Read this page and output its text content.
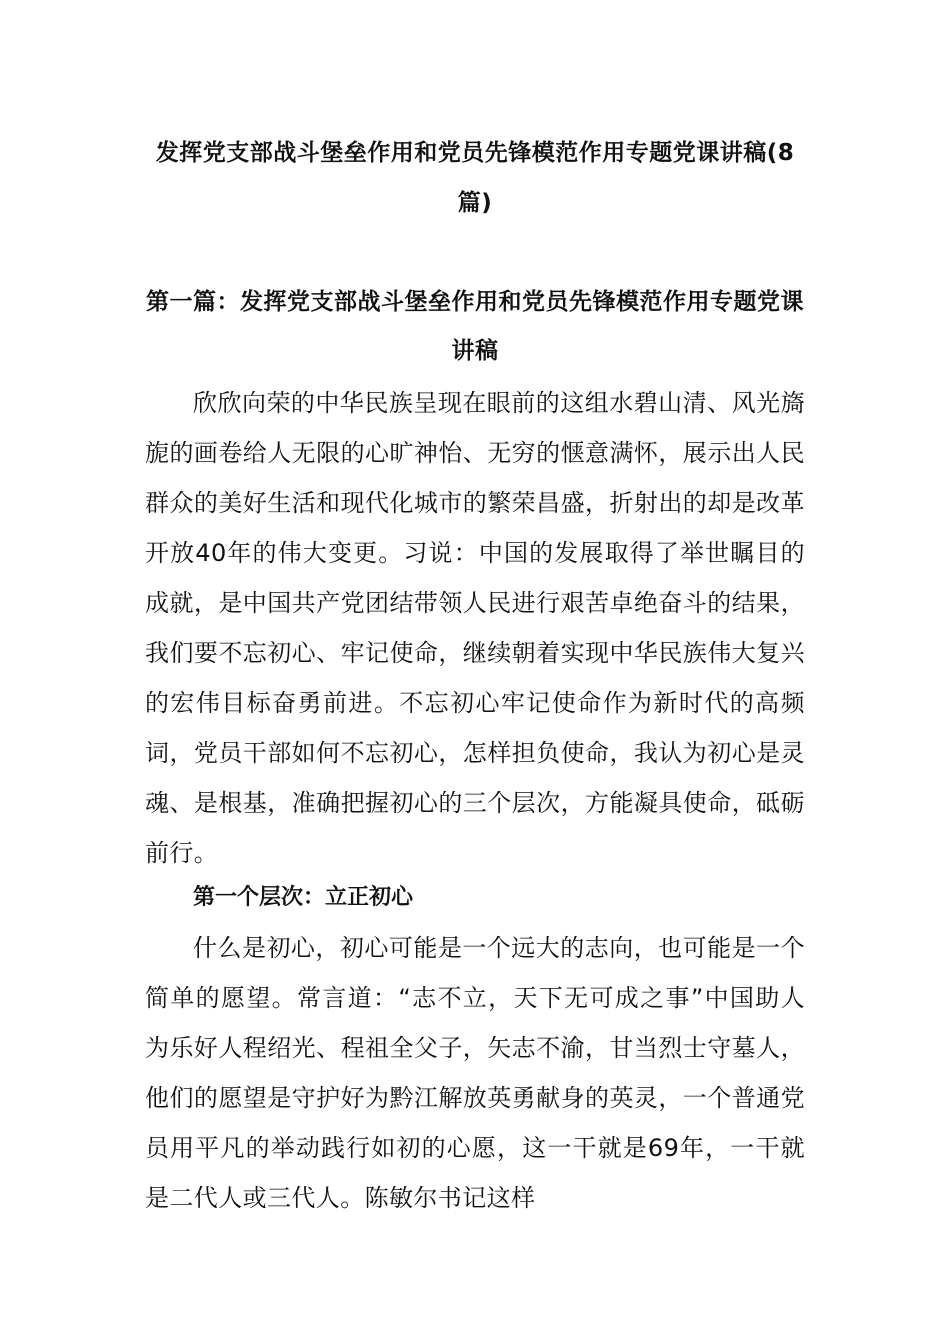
发挥党支部战斗堡垒作用和党员先锋模范作用专题党课讲稿(8篇)
第一篇：发挥党支部战斗堡垒作用和党员先锋模范作用专题党课讲稿

欣欣向荣的中华民族呈现在眼前的这组水碧山清、风光旖旎的画卷给人无限的心旷神怡、无穷的惬意满怀，展示出人民群众的美好生活和现代化城市的繁荣昌盛，折射出的却是改革开放40年的伟大变更。习说：中国的发展取得了举世瞩目的成就，是中国共产党团结带领人民进行艰苦卓绝奋斗的结果，我们要不忘初心、牢记使命，继续朝着实现中华民族伟大复兴的宏伟目标奋勇前进。不忘初心牢记使命作为新时代的高频词，党员干部如何不忘初心，怎样担负使命，我认为初心是灵魂、是根基，准确把握初心的三个层次，方能凝具使命，砥砺前行。

第一个层次：立正初心

什么是初心，初心可能是一个远大的志向，也可能是一个简单的愿望。常言道：“志不立，天下无可成之事”中国助人为乐好人程绍光、程祖全父子，矢志不渝，甘当烈士守墓人，他们的愿望是守护好为黔江解放英勇献身的英灵，一个普通党员用平凡的举动践行如初的心愿，这一干就是69年，一干就是二代人或三代人。陈敏尔书记这样
